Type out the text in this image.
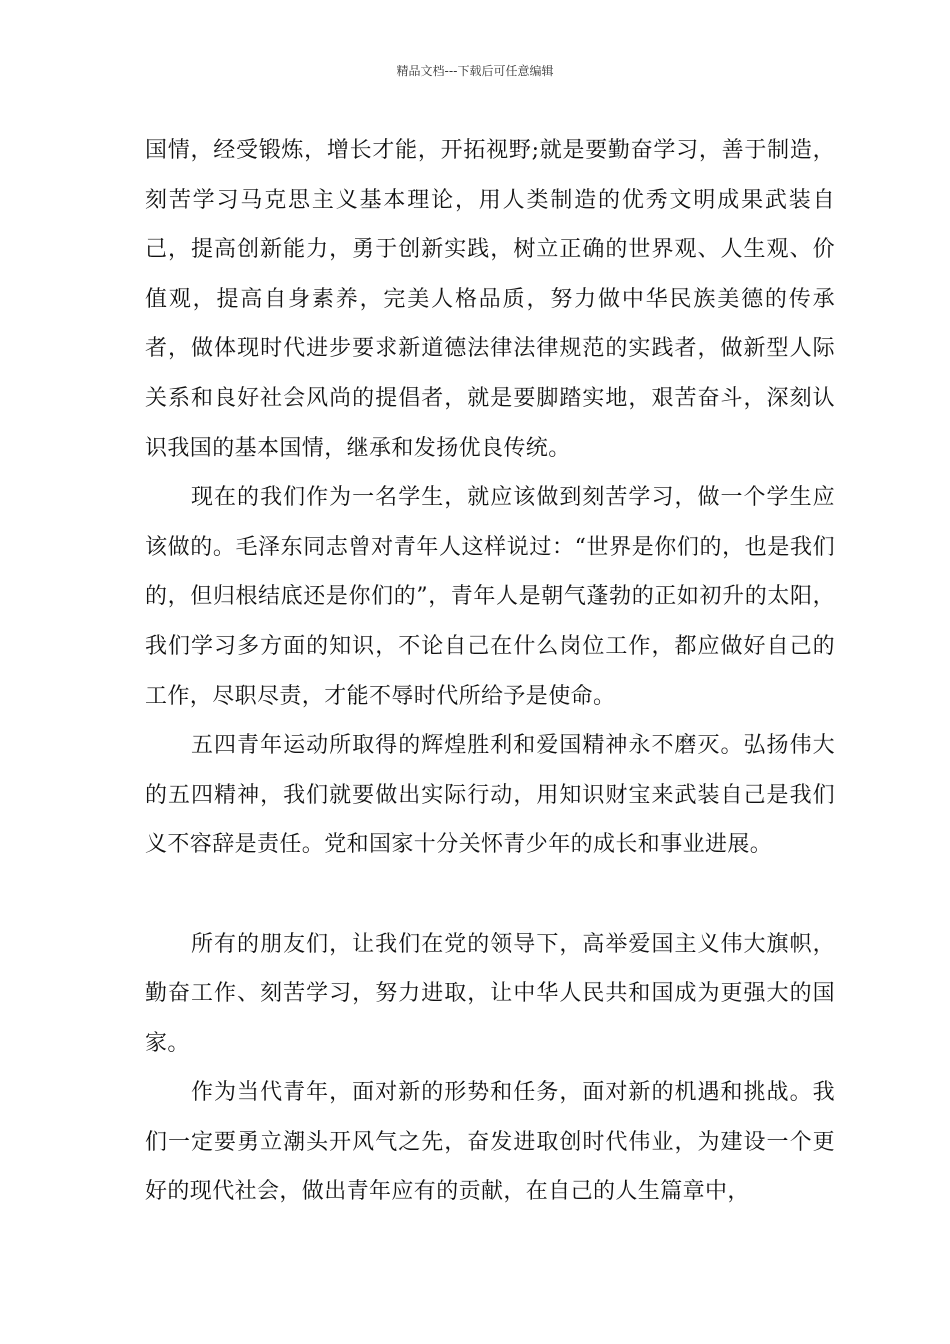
精品文档---下载后可任意编辑

国情，经受锻炼，增长才能，开拓视野;就是要勤奋学习，善于制造，刻苦学习马克思主义基本理论，用人类制造的优秀文明成果武装自己，提高创新能力，勇于创新实践，树立正确的世界观、人生观、价值观，提高自身素养，完美人格品质，努力做中华民族美德的传承者，做体现时代进步要求新道德法律法律规范的实践者，做新型人际关系和良好社会风尚的提倡者，就是要脚踏实地，艰苦奋斗，深刻认识我国的基本国情，继承和发扬优良传统。

现在的我们作为一名学生，就应该做到刻苦学习，做一个学生应该做的。毛泽东同志曾对青年人这样说过：“世界是你们的，也是我们的，但归根结底还是你们的”，青年人是朝气蓬勃的正如初升的太阳，我们学习多方面的知识，不论自己在什么岗位工作，都应做好自己的工作，尽职尽责，才能不辱时代所给予是使命。

五四青年运动所取得的辉煌胜利和爱国精神永不磨灭。弘扬伟大的五四精神，我们就要做出实际行动，用知识财宝来武装自己是我们义不容辞是责任。党和国家十分关怀青少年的成长和事业进展。

所有的朋友们，让我们在党的领导下，高举爱国主义伟大旗帜，勤奋工作、刻苦学习，努力进取，让中华人民共和国成为更强大的国家。

作为当代青年，面对新的形势和任务，面对新的机遇和挑战。我们一定要勇立潮头开风气之先，奋发进取创时代伟业，为建设一个更好的现代社会，做出青年应有的贡献，在自己的人生篇章中，
